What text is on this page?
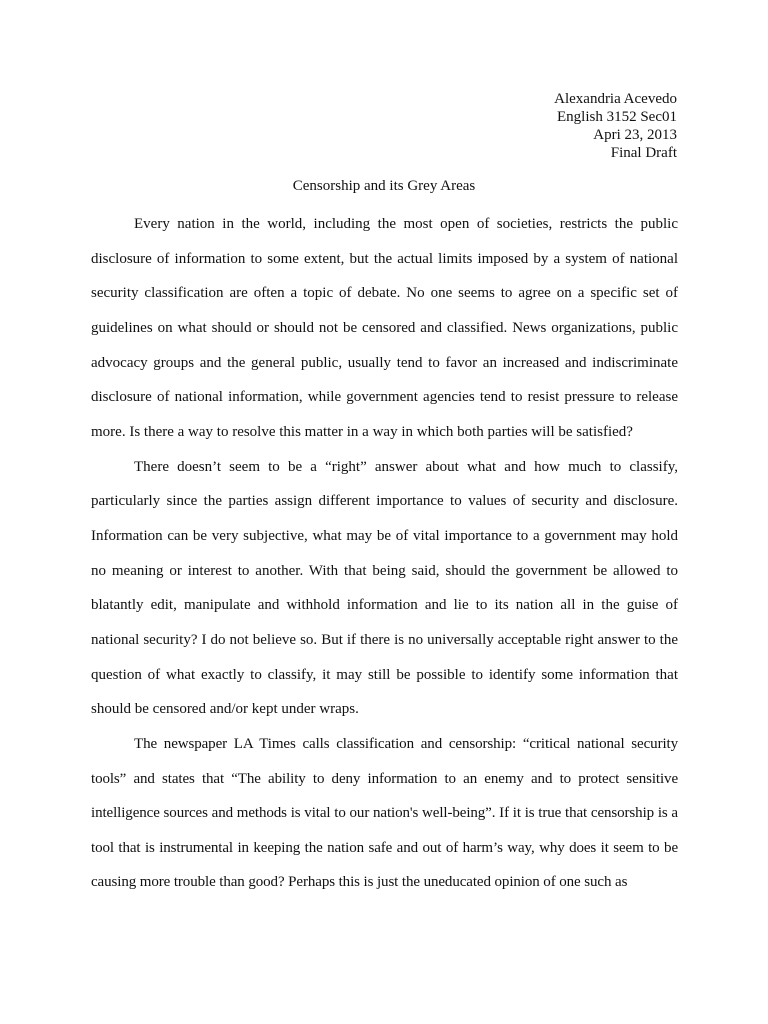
Alexandria Acevedo
English 3152 Sec01
Apri 23, 2013
Final Draft
Censorship and its Grey Areas

Every nation in the world, including the most open of societies, restricts the public disclosure of information to some extent, but the actual limits imposed by a system of national security classification are often a topic of debate. No one seems to agree on a specific set of guidelines on what should or should not be censored and classified. News organizations, public advocacy groups and the general public, usually tend to favor an increased and indiscriminate disclosure of national information, while government agencies tend to resist pressure to release more. Is there a way to resolve this matter in a way in which both parties will be satisfied?

There doesn’t seem to be a “right” answer about what and how much to classify, particularly since the parties assign different importance to values of security and disclosure. Information can be very subjective, what may be of vital importance to a government may hold no meaning or interest to another. With that being said, should the government be allowed to blatantly edit, manipulate and withhold information and lie to its nation all in the guise of national security? I do not believe so. But if there is no universally acceptable right answer to the question of what exactly to classify, it may still be possible to identify some information that should be censored and/or kept under wraps.

The newspaper LA Times calls classification and censorship: “critical national security tools” and states that “The ability to deny information to an enemy and to protect sensitive intelligence sources and methods is vital to our nation's well-being”. If it is true that censorship is a tool that is instrumental in keeping the nation safe and out of harm’s way, why does it seem to be causing more trouble than good? Perhaps this is just the uneducated opinion of one such as
